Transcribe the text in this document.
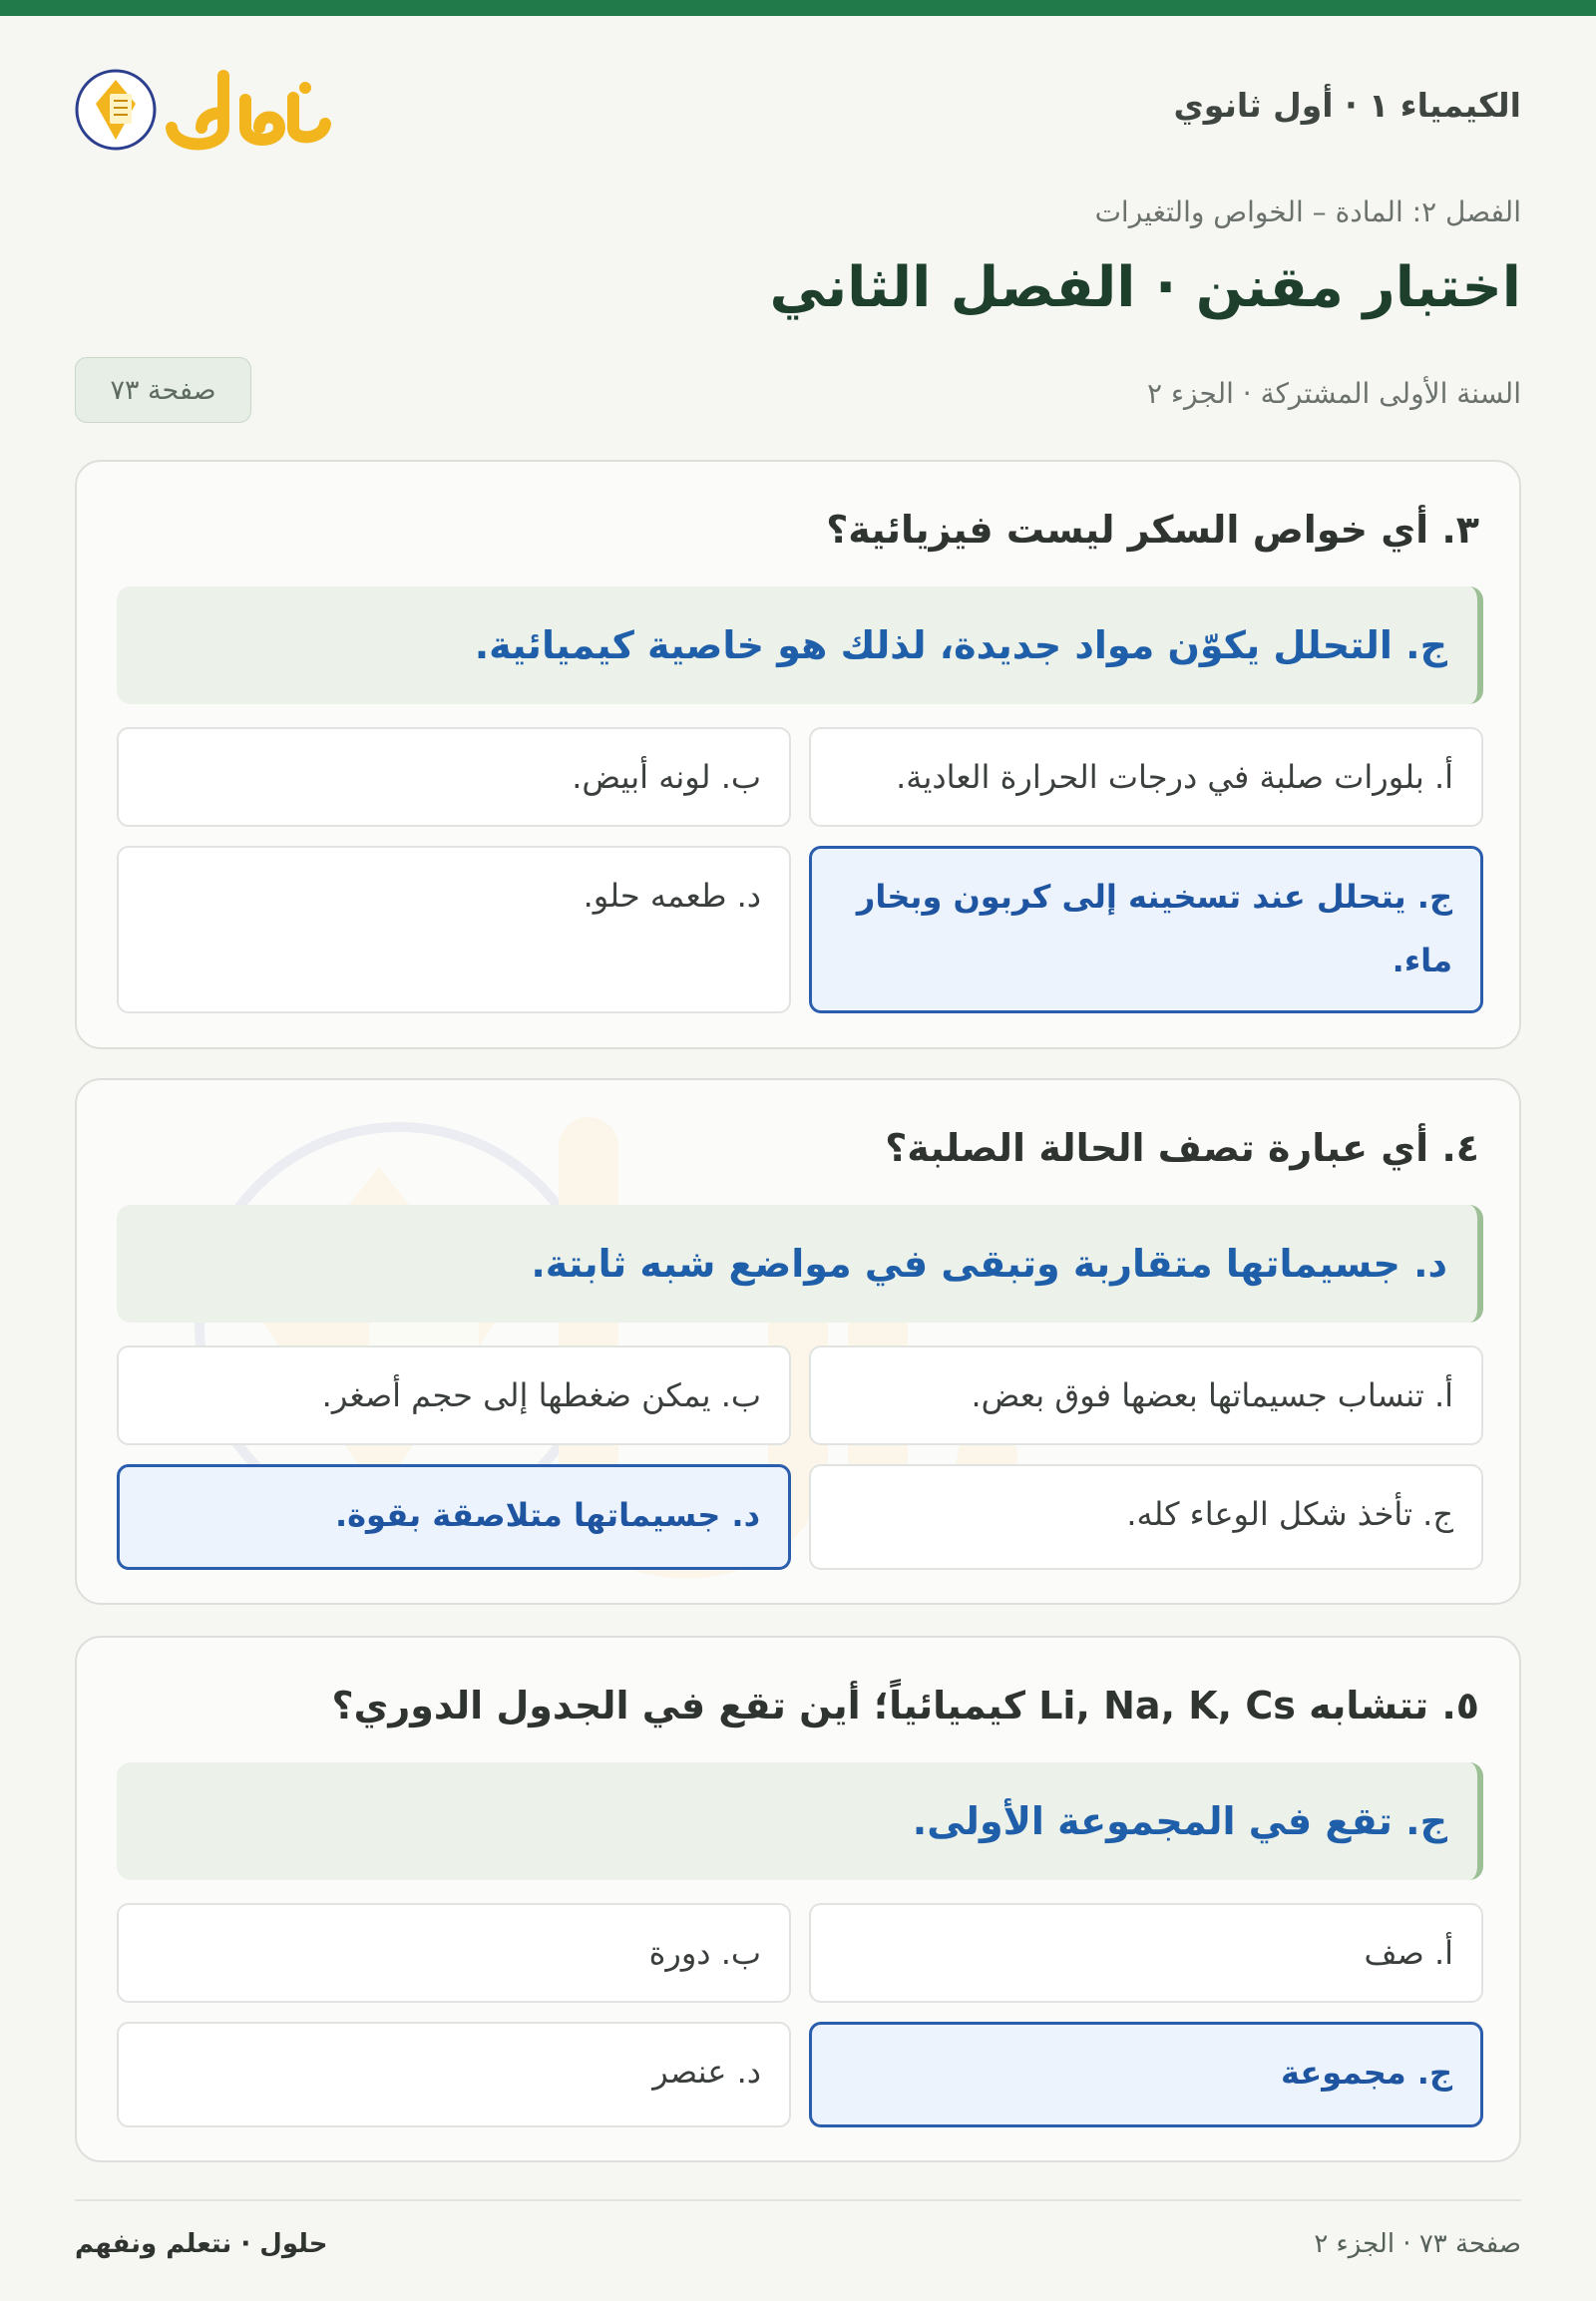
الكيمياء ١ · أول ثانوي
الفصل ٢: المادة – الخواص والتغيرات
اختبار مقنن · الفصل الثاني
السنة الأولى المشتركة · الجزء ٢
صفحة ٧٣
٣. أي خواص السكر ليست فيزيائية؟
ج. التحلل يكوّن مواد جديدة، لذلك هو خاصية كيميائية.
أ. بلورات صلبة في درجات الحرارة العادية.
ب. لونه أبيض.
ج. يتحلل عند تسخينه إلى كربون وبخار ماء.
د. طعمه حلو.
٤. أي عبارة تصف الحالة الصلبة؟
د. جسيماتها متقاربة وتبقى في مواضع شبه ثابتة.
أ. تنساب جسيماتها بعضها فوق بعض.
ب. يمكن ضغطها إلى حجم أصغر.
ج. تأخذ شكل الوعاء كله.
د. جسيماتها متلاصقة بقوة.
٥. تتشابه Li, Na, K, Cs كيميائياً؛ أين تقع في الجدول الدوري؟
ج. تقع في المجموعة الأولى.
أ. صف
ب. دورة
ج. مجموعة
د. عنصر
حلول · نتعلم ونفهم	صفحة ٧٣ · الجزء ٢
